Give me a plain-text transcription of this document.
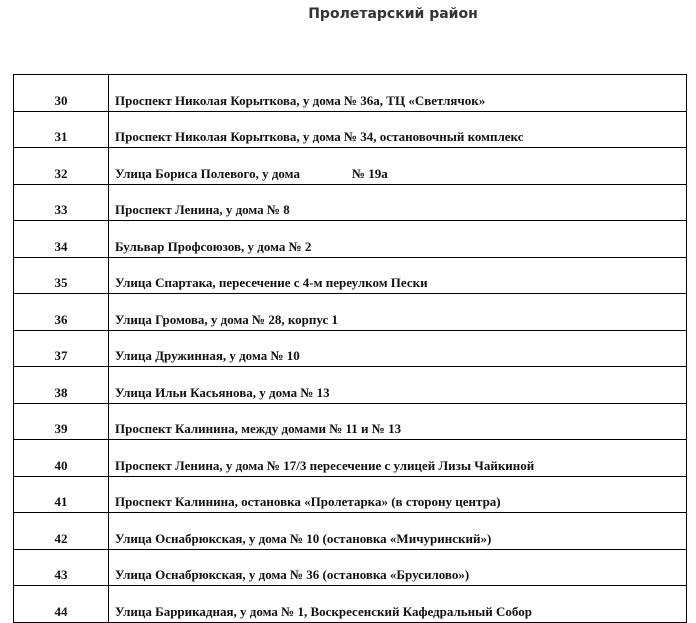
Пролетарский район
30	Проспект Николая Корыткова, у дома № 36а, ТЦ «Светлячок»
31	Проспект Николая Корыткова, у дома № 34, остановочный комплекс
32	Улица Бориса Полевого, у дома                № 19а
33	Проспект Ленина, у дома № 8
34	Бульвар Профсоюзов, у дома № 2
35	Улица Спартака, пересечение с 4-м переулком Пески
36	Улица Громова, у дома № 28, корпус 1
37	Улица Дружинная, у дома № 10
38	Улица Ильи Касьянова, у дома № 13
39	Проспект Калинина, между домами № 11 и № 13
40	Проспект Ленина, у дома № 17/3 пересечение с улицей Лизы Чайкиной
41	Проспект Калинина, остановка «Пролетарка» (в сторону центра)
42	Улица Оснабрюкская, у дома № 10 (остановка «Мичуринский»)
43	Улица Оснабрюкская, у дома № 36 (остановка «Брусилово»)
44	Улица Баррикадная, у дома № 1, Воскресенский Кафедральный Собор
